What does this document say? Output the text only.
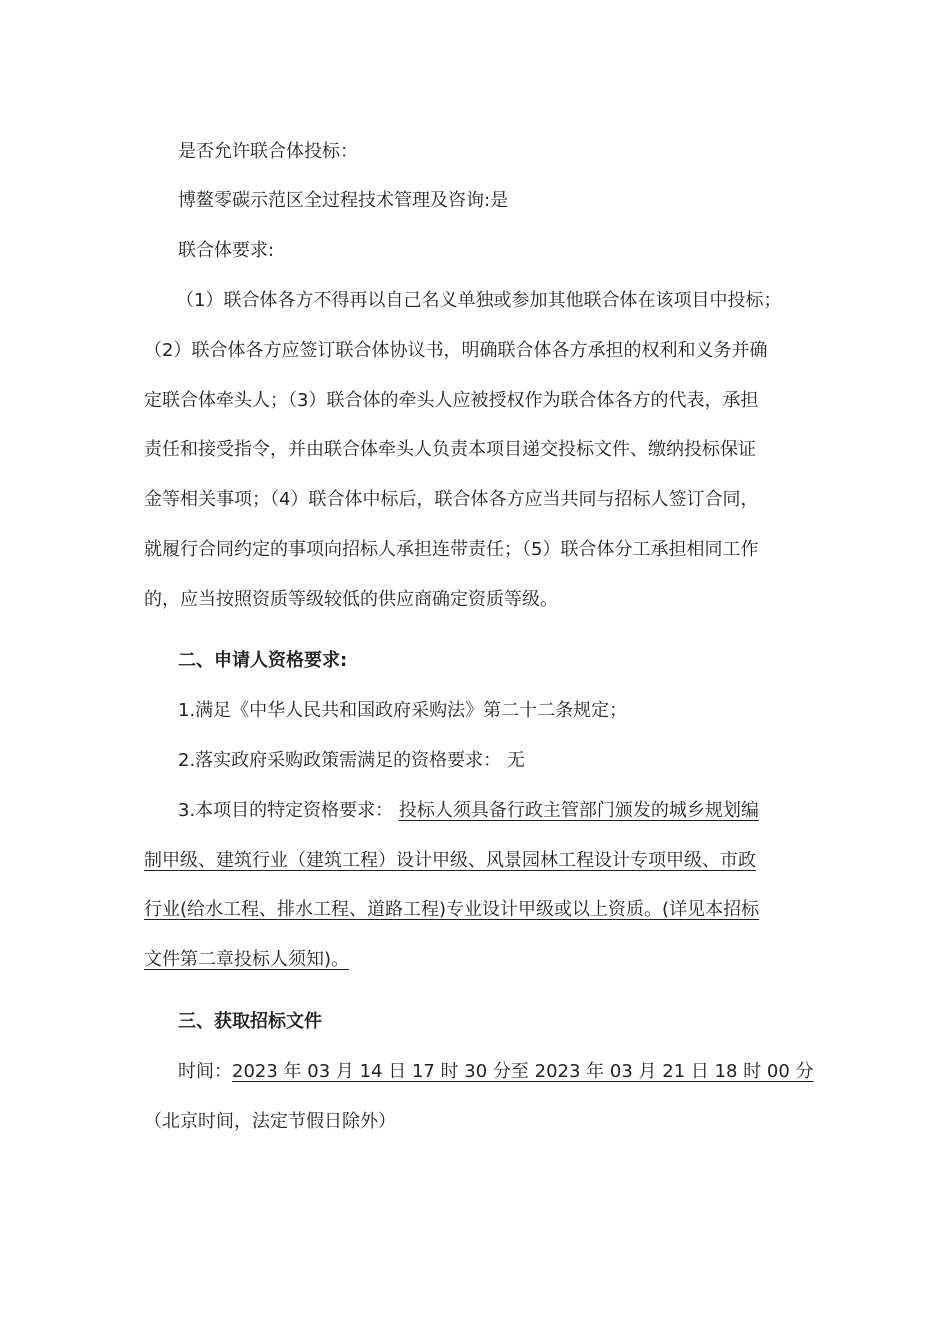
是否允许联合体投标：
博鳌零碳示范区全过程技术管理及咨询:是
联合体要求:
（1）联合体各方不得再以自己名义单独或参加其他联合体在该项目中投标；
（2）联合体各方应签订联合体协议书，明确联合体各方承担的权利和义务并确
定联合体牵头人；（3）联合体的牵头人应被授权作为联合体各方的代表，承担
责任和接受指令，并由联合体牵头人负责本项目递交投标文件、缴纳投标保证
金等相关事项；（4）联合体中标后，联合体各方应当共同与招标人签订合同，
就履行合同约定的事项向招标人承担连带责任；（5）联合体分工承担相同工作
的，应当按照资质等级较低的供应商确定资质等级。
二、申请人资格要求:
1.满足《中华人民共和国政府采购法》第二十二条规定；
2.落实政府采购政策需满足的资格要求： 无
3.本项目的特定资格要求： 投标人须具备行政主管部门颁发的城乡规划编
制甲级、建筑行业（建筑工程）设计甲级、风景园林工程设计专项甲级、市政
行业(给水工程、排水工程、道路工程)专业设计甲级或以上资质。(详见本招标
文件第二章投标人须知)。
三、获取招标文件
时间：2023 年 03 月 14 日 17 时 30 分至 2023 年 03 月 21 日 18 时 00 分
（北京时间，法定节假日除外）
